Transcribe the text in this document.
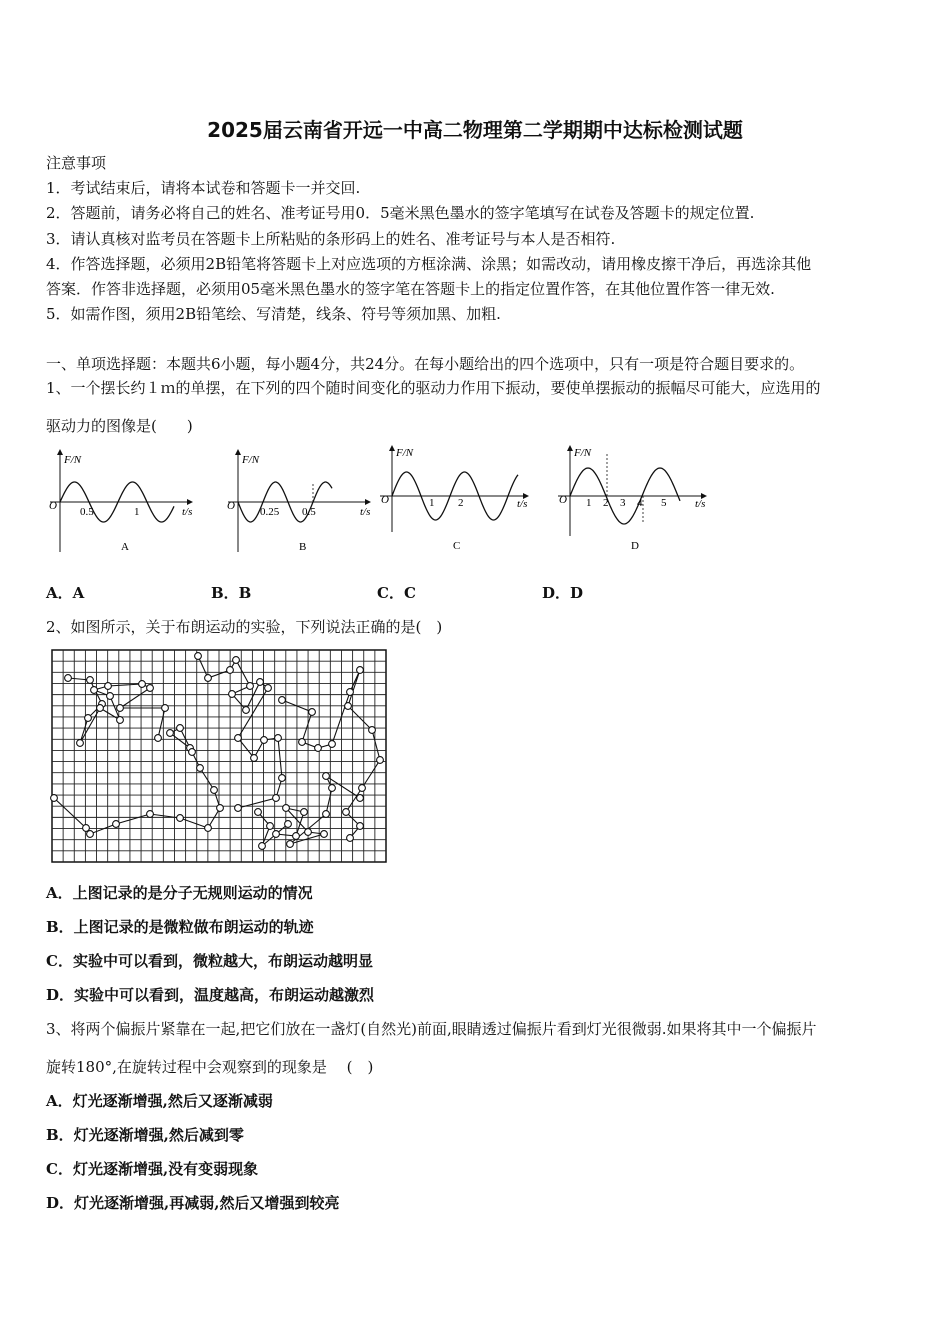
2025届云南省开远一中高二物理第二学期期中达标检测试题
注意事项
1．考试结束后，请将本试卷和答题卡一并交回.
2．答题前，请务必将自己的姓名、准考证号用0．5毫米黑色墨水的签字笔填写在试卷及答题卡的规定位置.
3．请认真核对监考员在答题卡上所粘贴的条形码上的姓名、准考证号与本人是否相符.
4．作答选择题，必须用2B铅笔将答题卡上对应选项的方框涂满、涂黑；如需改动，请用橡皮擦干净后，再选涂其他
答案．作答非选择题，必须用05毫米黑色墨水的签字笔在答题卡上的指定位置作答，在其他位置作答一律无效.
5．如需作图，须用2B铅笔绘、写清楚，线条、符号等须加黑、加粗.
一、单项选择题：本题共6小题，每小题4分，共24分。在每小题给出的四个选项中，只有一项是符合题目要求的。
1、一个摆长约１ｍ的单摆，在下列的四个随时间变化的驱动力作用下振动，要使单摆振动的振幅尽可能大，应选用的
驱动力的图像是(　　)
F/N
O 0.5	1	t/s
A
F/N
O 0.25 0.5	t/s
B
F/N
O	1 2	t/s
C
F/N
O 1 2 3 4 5	t/s
D
A．A	B．B	C．C	D．D
2、如图所示，关于布朗运动的实验，下列说法正确的是(　)
A．上图记录的是分子无规则运动的情况
B．上图记录的是微粒做布朗运动的轨迹
C．实验中可以看到，微粒越大，布朗运动越明显
D．实验中可以看到，温度越高，布朗运动越激烈
3、将两个偏振片紧靠在一起,把它们放在一盏灯(自然光)前面,眼睛透过偏振片看到灯光很微弱.如果将其中一个偏振片
旋转180°,在旋转过程中会观察到的现象是　 (　)
A．灯光逐渐增强,然后又逐渐减弱
B．灯光逐渐增强,然后减到零
C．灯光逐渐增强,没有变弱现象
D．灯光逐渐增强,再减弱,然后又增强到较亮
